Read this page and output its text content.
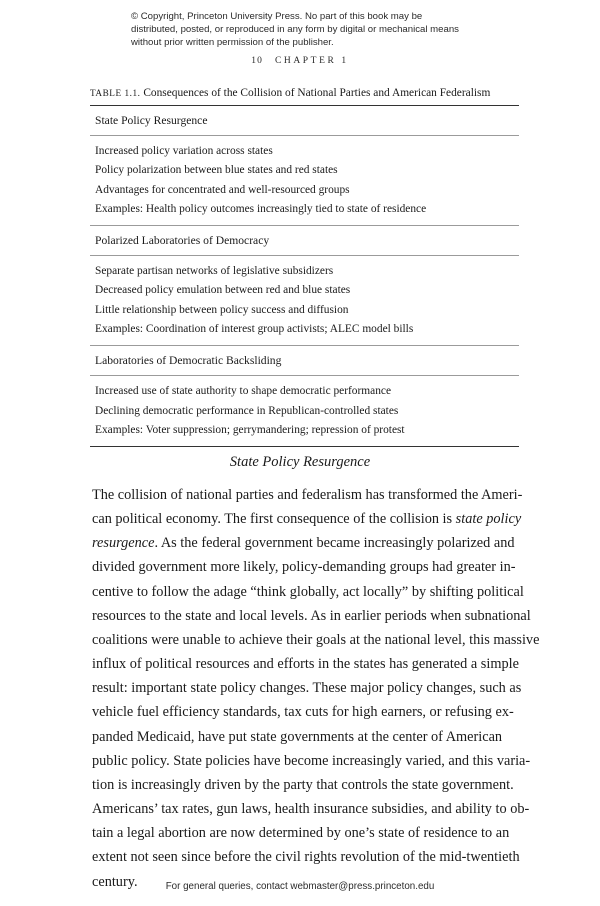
© Copyright, Princeton University Press. No part of this book may be distributed, posted, or reproduced in any form by digital or mechanical means without prior written permission of the publisher.
10 CHAPTER 1
TABLE 1.1. Consequences of the Collision of National Parties and American Federalism
State Policy Resurgence
Increased policy variation across states
Policy polarization between blue states and red states
Advantages for concentrated and well-resourced groups
Examples: Health policy outcomes increasingly tied to state of residence
Polarized Laboratories of Democracy
Separate partisan networks of legislative subsidizers
Decreased policy emulation between red and blue states
Little relationship between policy success and diffusion
Examples: Coordination of interest group activists; ALEC model bills
Laboratories of Democratic Backsliding
Increased use of state authority to shape democratic performance
Declining democratic performance in Republican-controlled states
Examples: Voter suppression; gerrymandering; repression of protest
State Policy Resurgence
The collision of national parties and federalism has transformed the Ameri-
can political economy. The first consequence of the collision is state policy
resurgence. As the federal government became increasingly polarized and
divided government more likely, policy-demanding groups had greater in-
centive to follow the adage “think globally, act locally” by shifting political
resources to the state and local levels. As in earlier periods when subnational
coalitions were unable to achieve their goals at the national level, this massive
influx of political resources and efforts in the states has generated a simple
result: important state policy changes. These major policy changes, such as
vehicle fuel efficiency standards, tax cuts for high earners, or refusing ex-
panded Medicaid, have put state governments at the center of American
public policy. State policies have become increasingly varied, and this varia-
tion is increasingly driven by the party that controls the state government.
Americans’ tax rates, gun laws, health insurance subsidies, and ability to ob-
tain a legal abortion are now determined by one’s state of residence to an
extent not seen since before the civil rights revolution of the mid-twentieth
century.	For general queries, contact webmaster@press.princeton.edu
